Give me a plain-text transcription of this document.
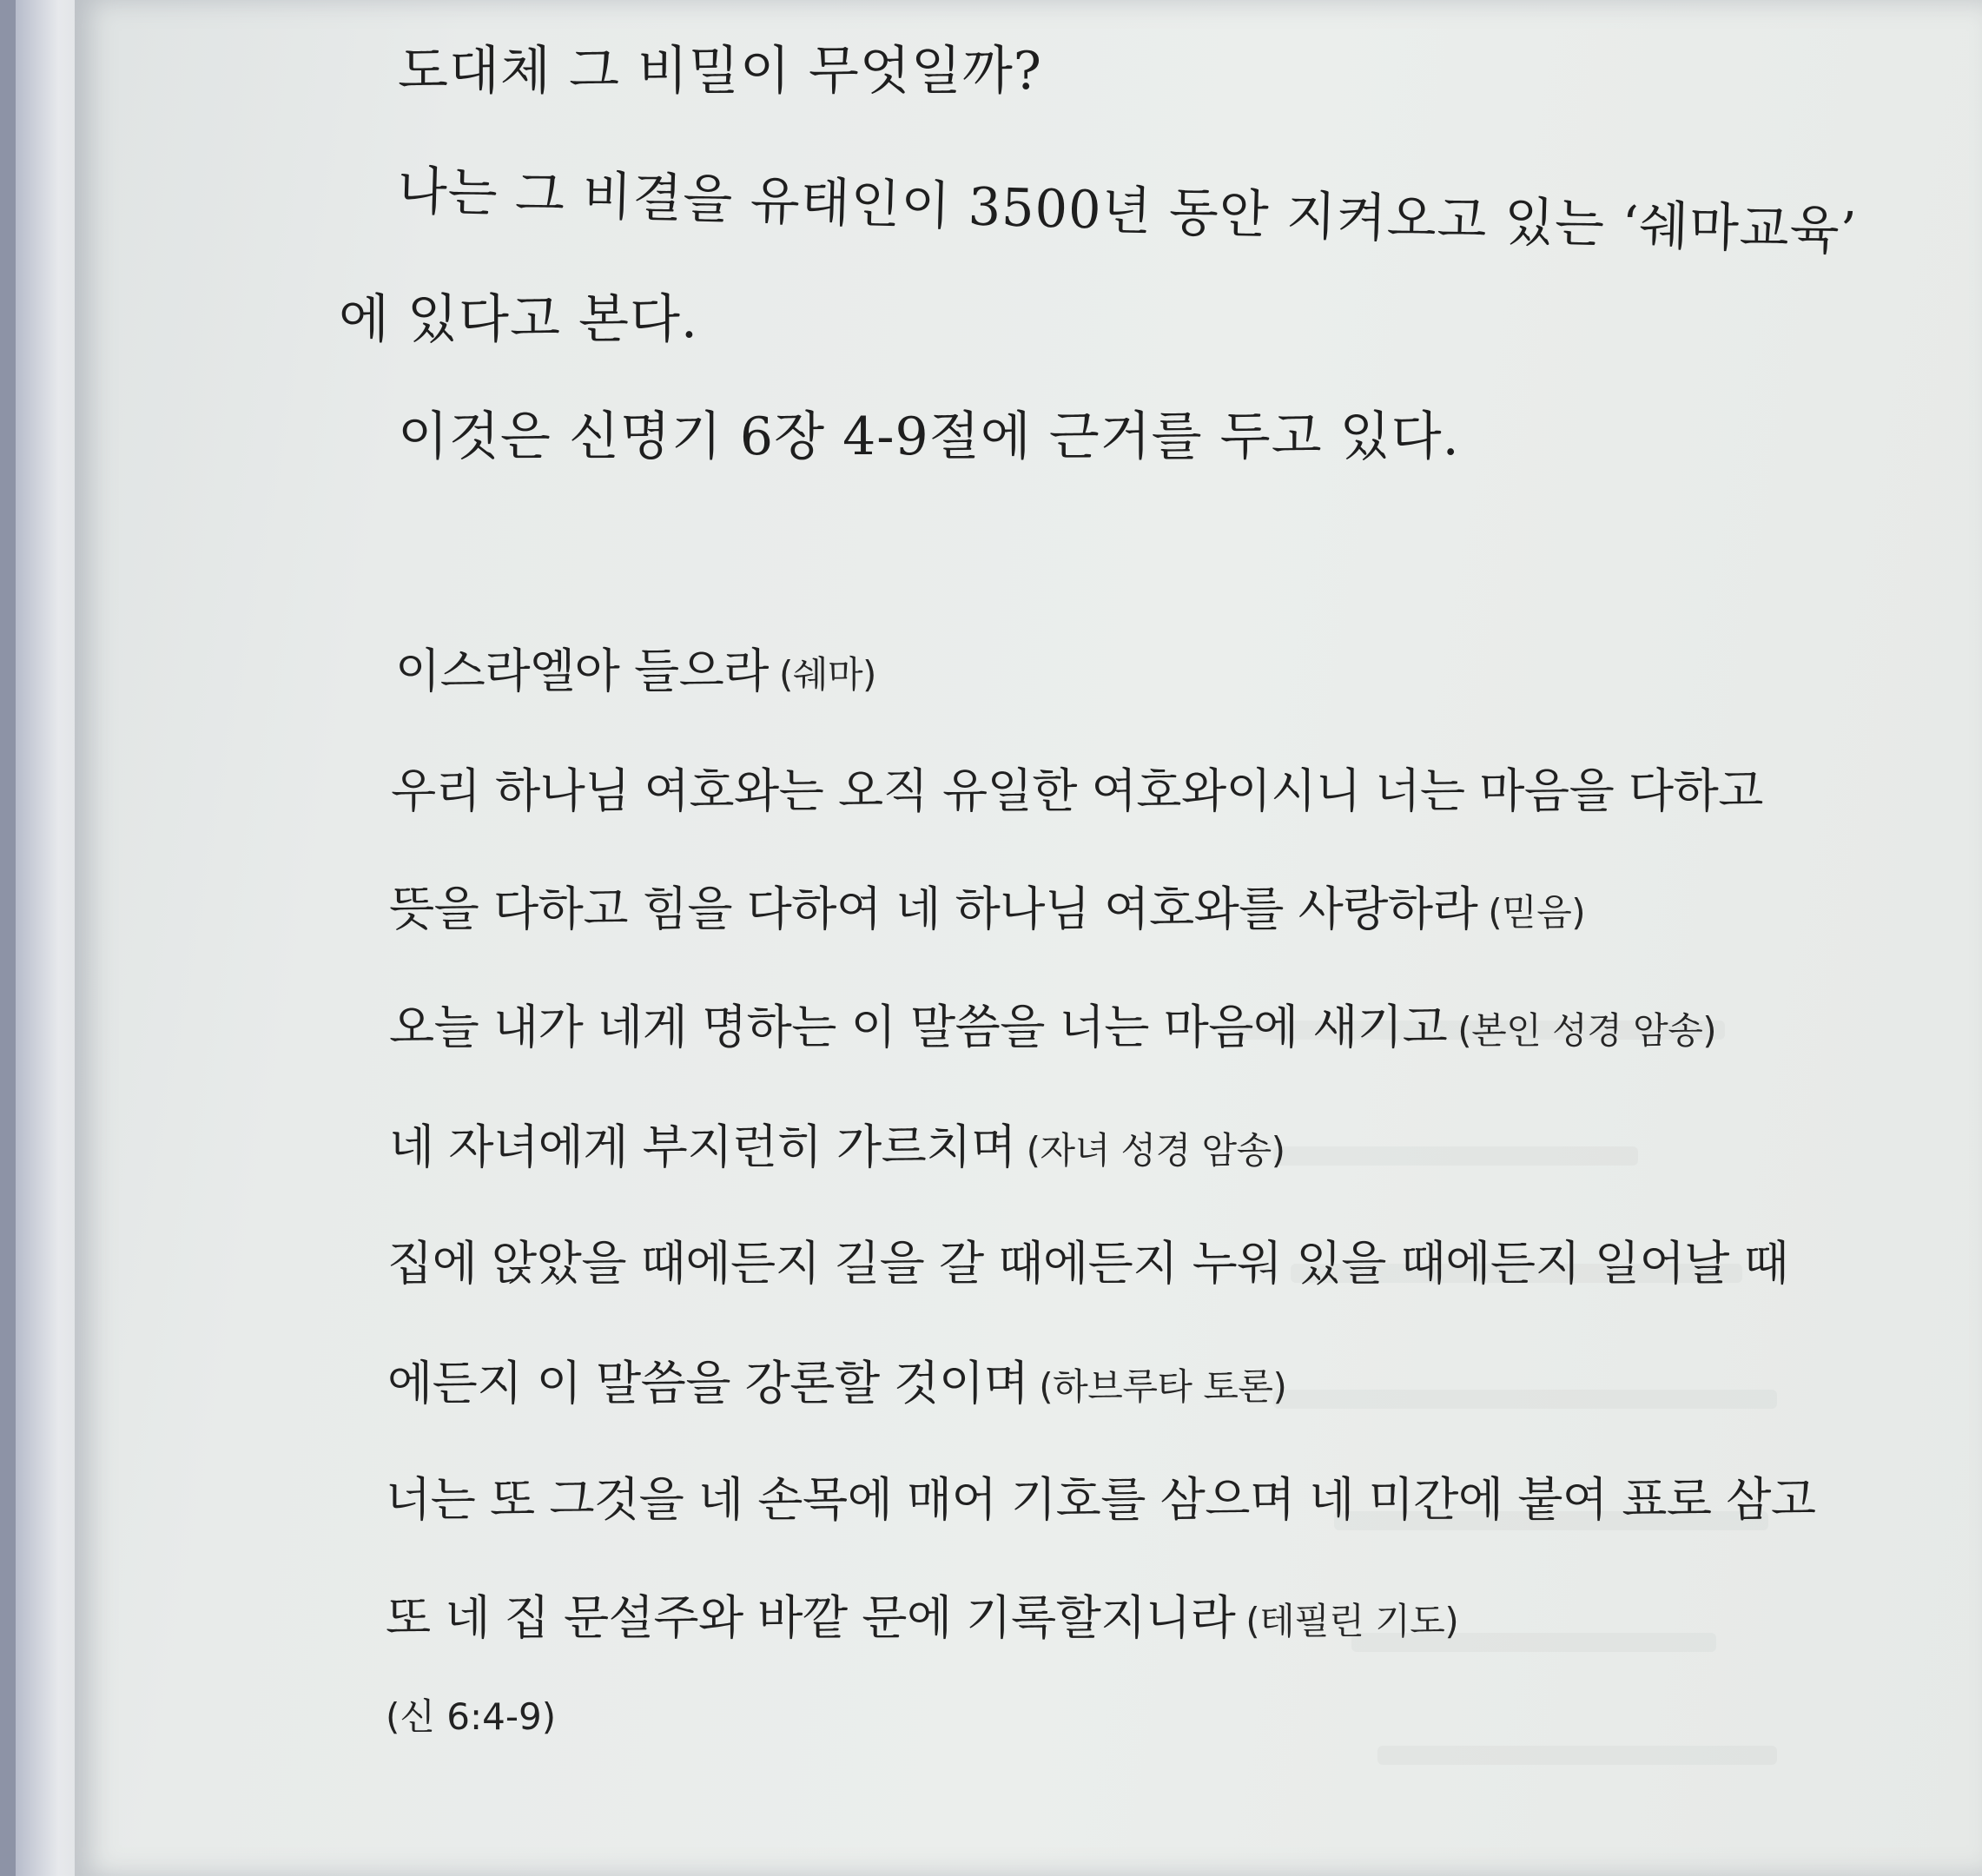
도대체 그 비밀이 무엇일까?
나는 그 비결을 유태인이 3500년 동안 지켜오고 있는 ‘쉐마교육’
에 있다고 본다.
이것은 신명기 6장 4-9절에 근거를 두고 있다.
이스라엘아 들으라 (쉐마)
우리 하나님 여호와는 오직 유일한 여호와이시니 너는 마음을 다하고
뜻을 다하고 힘을 다하여 네 하나님 여호와를 사랑하라 (믿음)
오늘 내가 네게 명하는 이 말씀을 너는 마음에 새기고 (본인 성경 암송)
네 자녀에게 부지런히 가르치며 (자녀 성경 암송)
집에 앉았을 때에든지 길을 갈 때에든지 누워 있을 때에든지 일어날 때
에든지 이 말씀을 강론할 것이며 (하브루타 토론)
너는 또 그것을 네 손목에 매어 기호를 삼으며 네 미간에 붙여 표로 삼고
또 네 집 문설주와 바깥 문에 기록할지니라 (테필린 기도)
(신 6:4-9)
